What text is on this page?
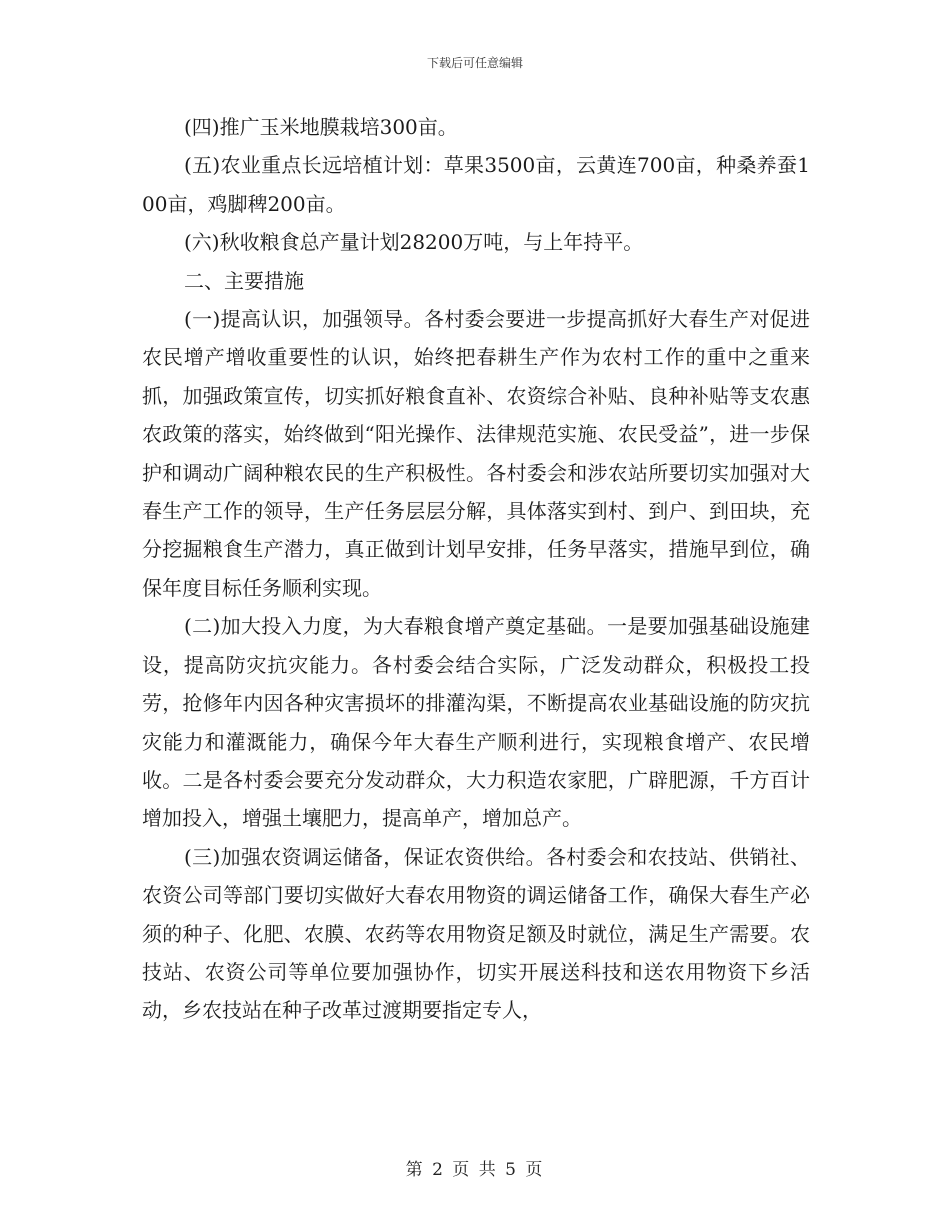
下载后可任意编辑

(四)推广玉米地膜栽培300亩。

(五)农业重点长远培植计划：草果3500亩，云黄连700亩，种桑养蚕100亩，鸡脚稗200亩。

(六)秋收粮食总产量计划28200万吨，与上年持平。

二、主要措施

(一)提高认识，加强领导。各村委会要进一步提高抓好大春生产对促进农民增产增收重要性的认识，始终把春耕生产作为农村工作的重中之重来抓，加强政策宣传，切实抓好粮食直补、农资综合补贴、良种补贴等支农惠农政策的落实，始终做到“阳光操作、法律规范实施、农民受益”，进一步保护和调动广阔种粮农民的生产积极性。各村委会和涉农站所要切实加强对大春生产工作的领导，生产任务层层分解，具体落实到村、到户、到田块，充分挖掘粮食生产潜力，真正做到计划早安排，任务早落实，措施早到位，确保年度目标任务顺利实现。

(二)加大投入力度，为大春粮食增产奠定基础。一是要加强基础设施建设，提高防灾抗灾能力。各村委会结合实际，广泛发动群众，积极投工投劳，抢修年内因各种灾害损坏的排灌沟渠，不断提高农业基础设施的防灾抗灾能力和灌溉能力，确保今年大春生产顺利进行，实现粮食增产、农民增收。二是各村委会要充分发动群众，大力积造农家肥，广辟肥源，千方百计增加投入，增强土壤肥力，提高单产，增加总产。

(三)加强农资调运储备，保证农资供给。各村委会和农技站、供销社、农资公司等部门要切实做好大春农用物资的调运储备工作，确保大春生产必须的种子、化肥、农膜、农药等农用物资足额及时就位，满足生产需要。农技站、农资公司等单位要加强协作，切实开展送科技和送农用物资下乡活动，乡农技站在种子改革过渡期要指定专人，

第 2 页 共 5 页
